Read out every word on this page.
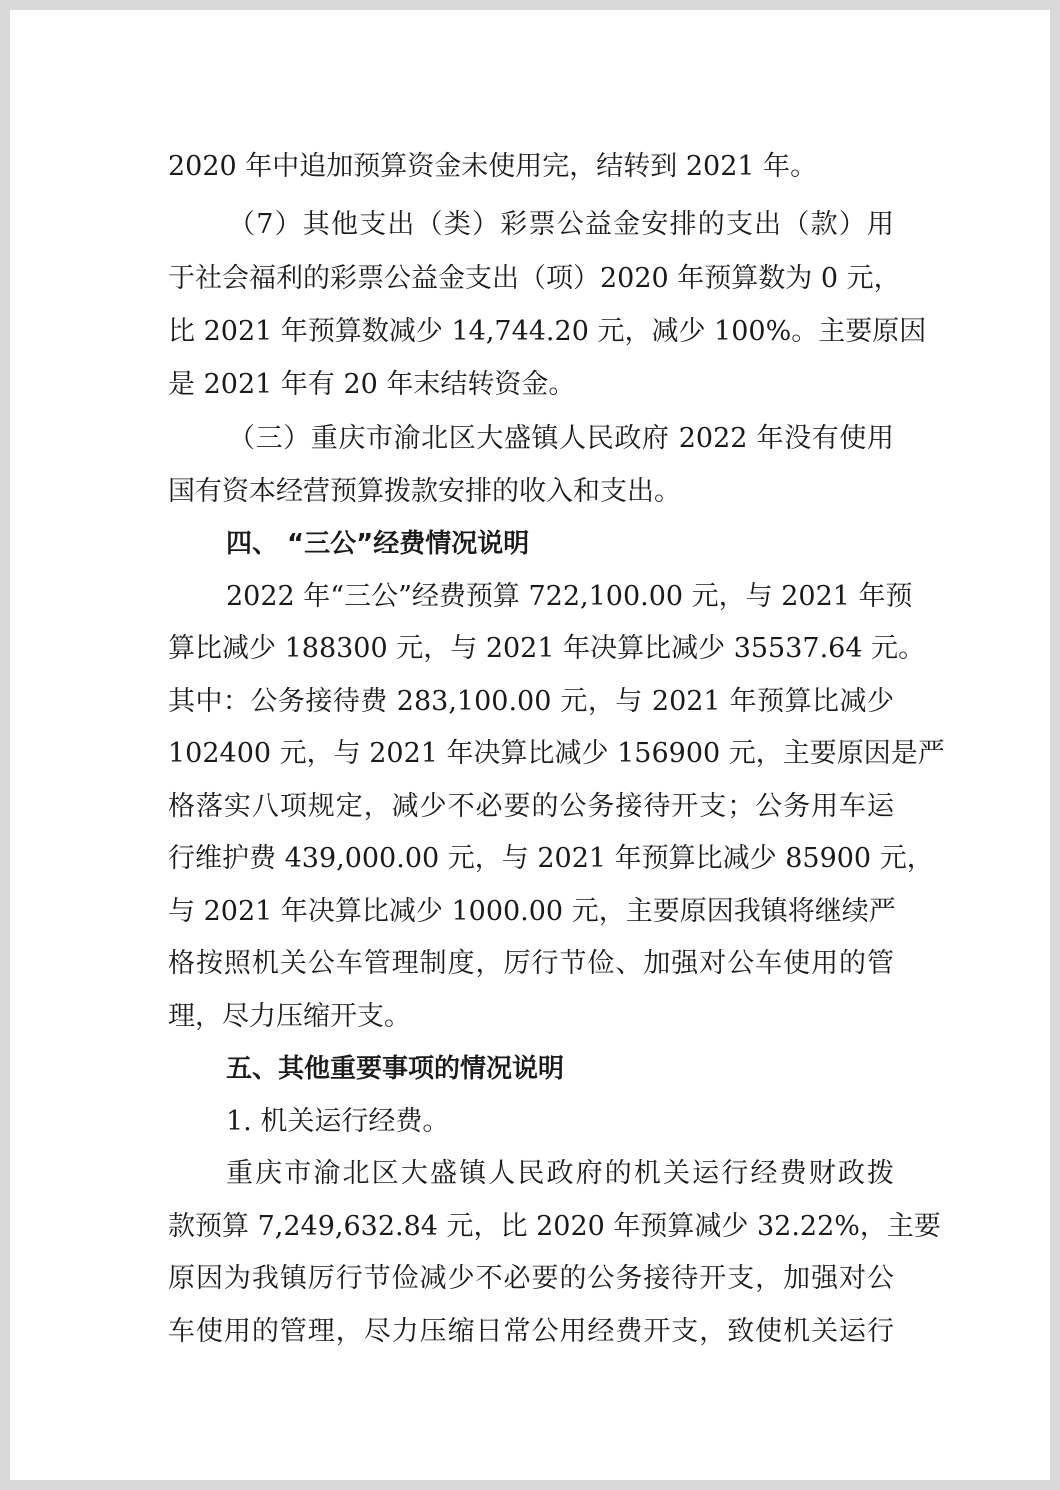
2020 年中追加预算资金未使用完，结转到 2021 年。
（7）其他支出（类）彩票公益金安排的支出（款）用
于社会福利的彩票公益金支出（项）2020 年预算数为 0 元，
比 2021 年预算数减少 14,744.20 元，减少 100%。主要原因
是 2021 年有 20 年末结转资金。
（三）重庆市渝北区大盛镇人民政府 2022 年没有使用
国有资本经营预算拨款安排的收入和支出。
四、 “三公”经费情况说明
2022 年“三公”经费预算 722,100.00 元，与 2021 年预
算比减少 188300 元，与 2021 年决算比减少 35537.64 元。
其中：公务接待费 283,100.00 元，与 2021 年预算比减少
102400 元，与 2021 年决算比减少 156900 元，主要原因是严
格落实八项规定，减少不必要的公务接待开支；公务用车运
行维护费 439,000.00 元，与 2021 年预算比减少 85900 元，
与 2021 年决算比减少 1000.00 元，主要原因我镇将继续严
格按照机关公车管理制度，厉行节俭、加强对公车使用的管
理，尽力压缩开支。
五、其他重要事项的情况说明
1. 机关运行经费。
重庆市渝北区大盛镇人民政府的机关运行经费财政拨
款预算 7,249,632.84 元，比 2020 年预算减少 32.22%，主要
原因为我镇厉行节俭减少不必要的公务接待开支，加强对公
车使用的管理，尽力压缩日常公用经费开支，致使机关运行
